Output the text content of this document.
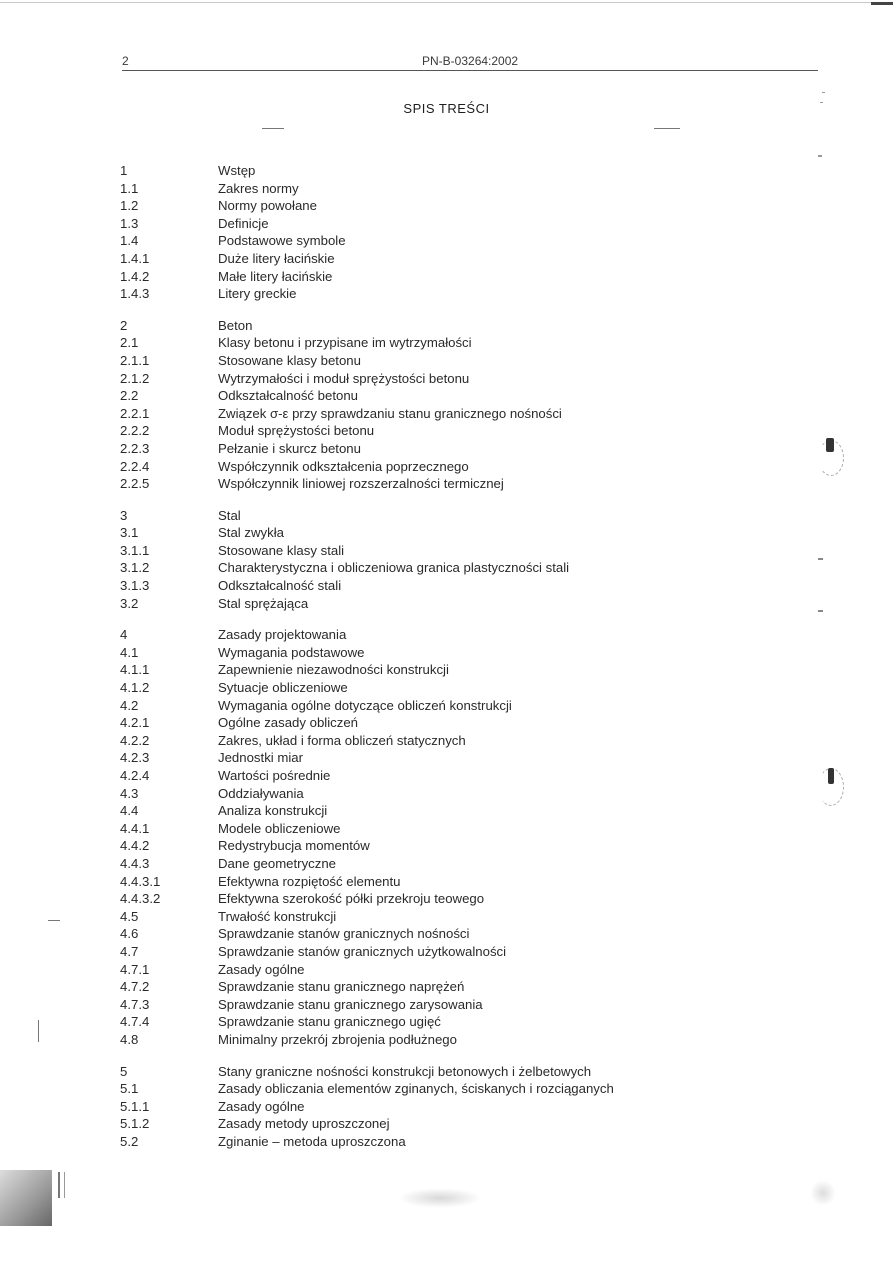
2	PN-B-03264:2002
SPIS TREŚCI
1	Wstęp
1.1	Zakres normy
1.2	Normy powołane
1.3	Definicje
1.4	Podstawowe symbole
1.4.1	Duże litery łacińskie
1.4.2	Małe litery łacińskie
1.4.3	Litery greckie
2	Beton
2.1	Klasy betonu i przypisane im wytrzymałości
2.1.1	Stosowane klasy betonu
2.1.2	Wytrzymałości i moduł sprężystości betonu
2.2	Odkształcalność betonu
2.2.1	Związek σ-ε przy sprawdzaniu stanu granicznego nośności
2.2.2	Moduł sprężystości betonu
2.2.3	Pełzanie i skurcz betonu
2.2.4	Współczynnik odkształcenia poprzecznego
2.2.5	Współczynnik liniowej rozszerzalności termicznej
3	Stal
3.1	Stal zwykła
3.1.1	Stosowane klasy stali
3.1.2	Charakterystyczna i obliczeniowa granica plastyczności stali
3.1.3	Odkształcalność stali
3.2	Stal sprężająca
4	Zasady projektowania
4.1	Wymagania podstawowe
4.1.1	Zapewnienie niezawodności konstrukcji
4.1.2	Sytuacje obliczeniowe
4.2	Wymagania ogólne dotyczące obliczeń konstrukcji
4.2.1	Ogólne zasady obliczeń
4.2.2	Zakres, układ i forma obliczeń statycznych
4.2.3	Jednostki miar
4.2.4	Wartości pośrednie
4.3	Oddziaływania
4.4	Analiza konstrukcji
4.4.1	Modele obliczeniowe
4.4.2	Redystrybucja momentów
4.4.3	Dane geometryczne
4.4.3.1	Efektywna rozpiętość elementu
4.4.3.2	Efektywna szerokość półki przekroju teowego
4.5	Trwałość konstrukcji
4.6	Sprawdzanie stanów granicznych nośności
4.7	Sprawdzanie stanów granicznych użytkowalności
4.7.1	Zasady ogólne
4.7.2	Sprawdzanie stanu granicznego naprężeń
4.7.3	Sprawdzanie stanu granicznego zarysowania
4.7.4	Sprawdzanie stanu granicznego ugięć
4.8	Minimalny przekrój zbrojenia podłużnego
5	Stany graniczne nośności konstrukcji betonowych i żelbetowych
5.1	Zasady obliczania elementów zginanych, ściskanych i rozciąganych
5.1.1	Zasady ogólne
5.1.2	Zasady metody uproszczonej
5.2	Zginanie – metoda uproszczona
